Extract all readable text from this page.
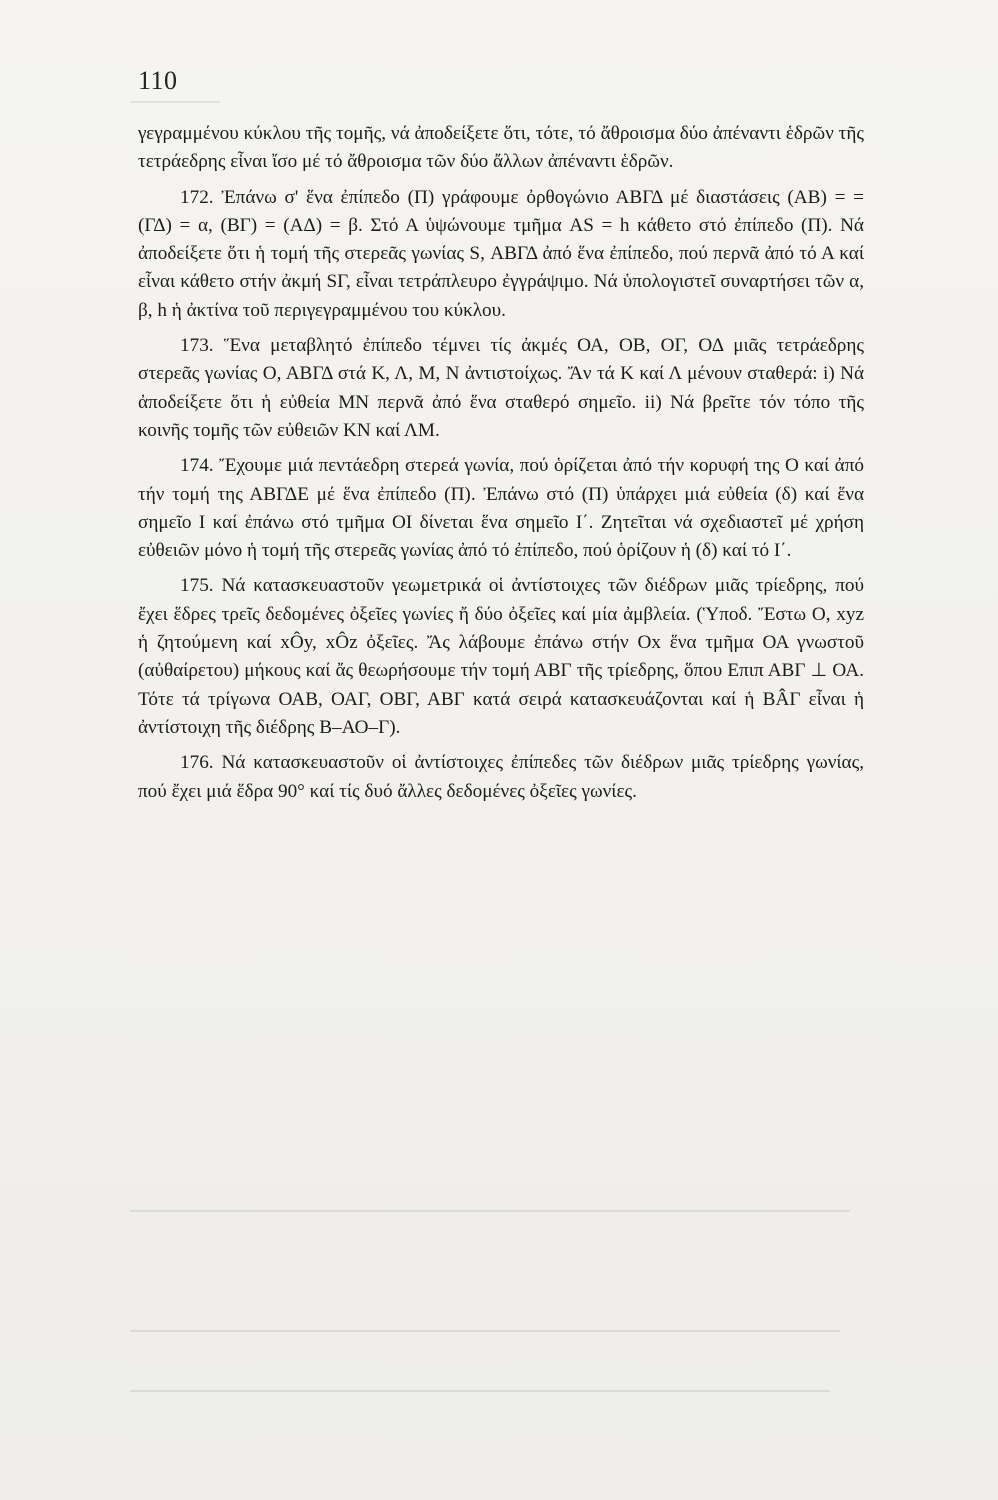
110

γεγραμμένου κύκλου τῆς τομῆς, νά ἀποδείξετε ὅτι, τότε, τό ἄθροισμα δύο ἀπέναντι ἑδρῶν τῆς τετράεδρης εἶναι ἴσο μέ τό ἄθροισμα τῶν δύο ἄλλων ἀπέναντι ἑδρῶν.

172. Ἐπάνω σ' ἕνα ἐπίπεδο (Π) γράφουμε ὀρθογώνιο ΑΒΓΔ μέ διαστάσεις (ΑΒ) = = (ΓΔ) = α, (ΒΓ) = (ΑΔ) = β. Στό Α ὑψώνουμε τμῆμα AS = h κάθετο στό ἐπίπεδο (Π). Νά ἀποδείξετε ὅτι ἡ τομή τῆς στερεᾶς γωνίας S, ΑΒΓΔ ἀπό ἕνα ἐπίπεδο, πού περνᾶ ἀπό τό Α καί εἶναι κάθετο στήν ἀκμή SΓ, εἶναι τετράπλευρο ἐγγράψιμο. Νά ὑπολογιστεῖ συναρτήσει τῶν α, β, h ἡ ἀκτίνα τοῦ περιγεγραμμένου του κύκλου.

173. Ἕνα μεταβλητό ἐπίπεδο τέμνει τίς ἀκμές ΟΑ, ΟΒ, ΟΓ, ΟΔ μιᾶς τετράεδρης στερεᾶς γωνίας Ο, ΑΒΓΔ στά Κ, Λ, Μ, Ν ἀντιστοίχως. Ἄν τά Κ καί Λ μένουν σταθερά: i) Νά ἀποδείξετε ὅτι ἡ εὐθεία ΜΝ περνᾶ ἀπό ἕνα σταθερό σημεῖο. ii) Νά βρεῖτε τόν τόπο τῆς κοινῆς τομῆς τῶν εὐθειῶν ΚΝ καί ΛΜ.

174. Ἔχουμε μιά πεντάεδρη στερεά γωνία, πού ὁρίζεται ἀπό τήν κορυφή της Ο καί ἀπό τήν τομή της ΑΒΓΔΕ μέ ἕνα ἐπίπεδο (Π). Ἐπάνω στό (Π) ὑπάρχει μιά εὐθεία (δ) καί ἕνα σημεῖο Ι καί ἐπάνω στό τμῆμα ΟΙ δίνεται ἕνα σημεῖο Ι΄. Ζητεῖται νά σχεδιαστεῖ μέ χρήση εὐθειῶν μόνο ἡ τομή τῆς στερεᾶς γωνίας ἀπό τό ἐπίπεδο, πού ὁρίζουν ἡ (δ) καί τό Ι΄.

175. Νά κατασκευαστοῦν γεωμετρικά οἱ ἀντίστοιχες τῶν διέδρων μιᾶς τρίεδρης, πού ἔχει ἕδρες τρεῖς δεδομένες ὀξεῖες γωνίες ἤ δύο ὀξεῖες καί μία ἀμβλεία. (Ὑποδ. Ἔστω Ο, xyz ἡ ζητούμενη καί xÔy, xÔz ὀξεῖες. Ἄς λάβουμε ἐπάνω στήν Οx ἕνα τμῆμα ΟΑ γνωστοῦ (αὐθαίρετου) μήκους καί ἄς θεωρήσουμε τήν τομή ΑΒΓ τῆς τρίεδρης, ὅπου Επιπ ΑΒΓ ⊥ ΟΑ. Τότε τά τρίγωνα ΟΑΒ, ΟΑΓ, ΟΒΓ, ΑΒΓ κατά σειρά κατασκευάζονται καί ἡ ΒÂΓ εἶναι ἡ ἀντίστοιχη τῆς διέδρης Β–ΑΟ–Γ).

176. Νά κατασκευαστοῦν οἱ ἀντίστοιχες ἐπίπεδες τῶν διέδρων μιᾶς τρίεδρης γωνίας, πού ἔχει μιά ἕδρα 90° καί τίς δυό ἄλλες δεδομένες ὀξεῖες γωνίες.
